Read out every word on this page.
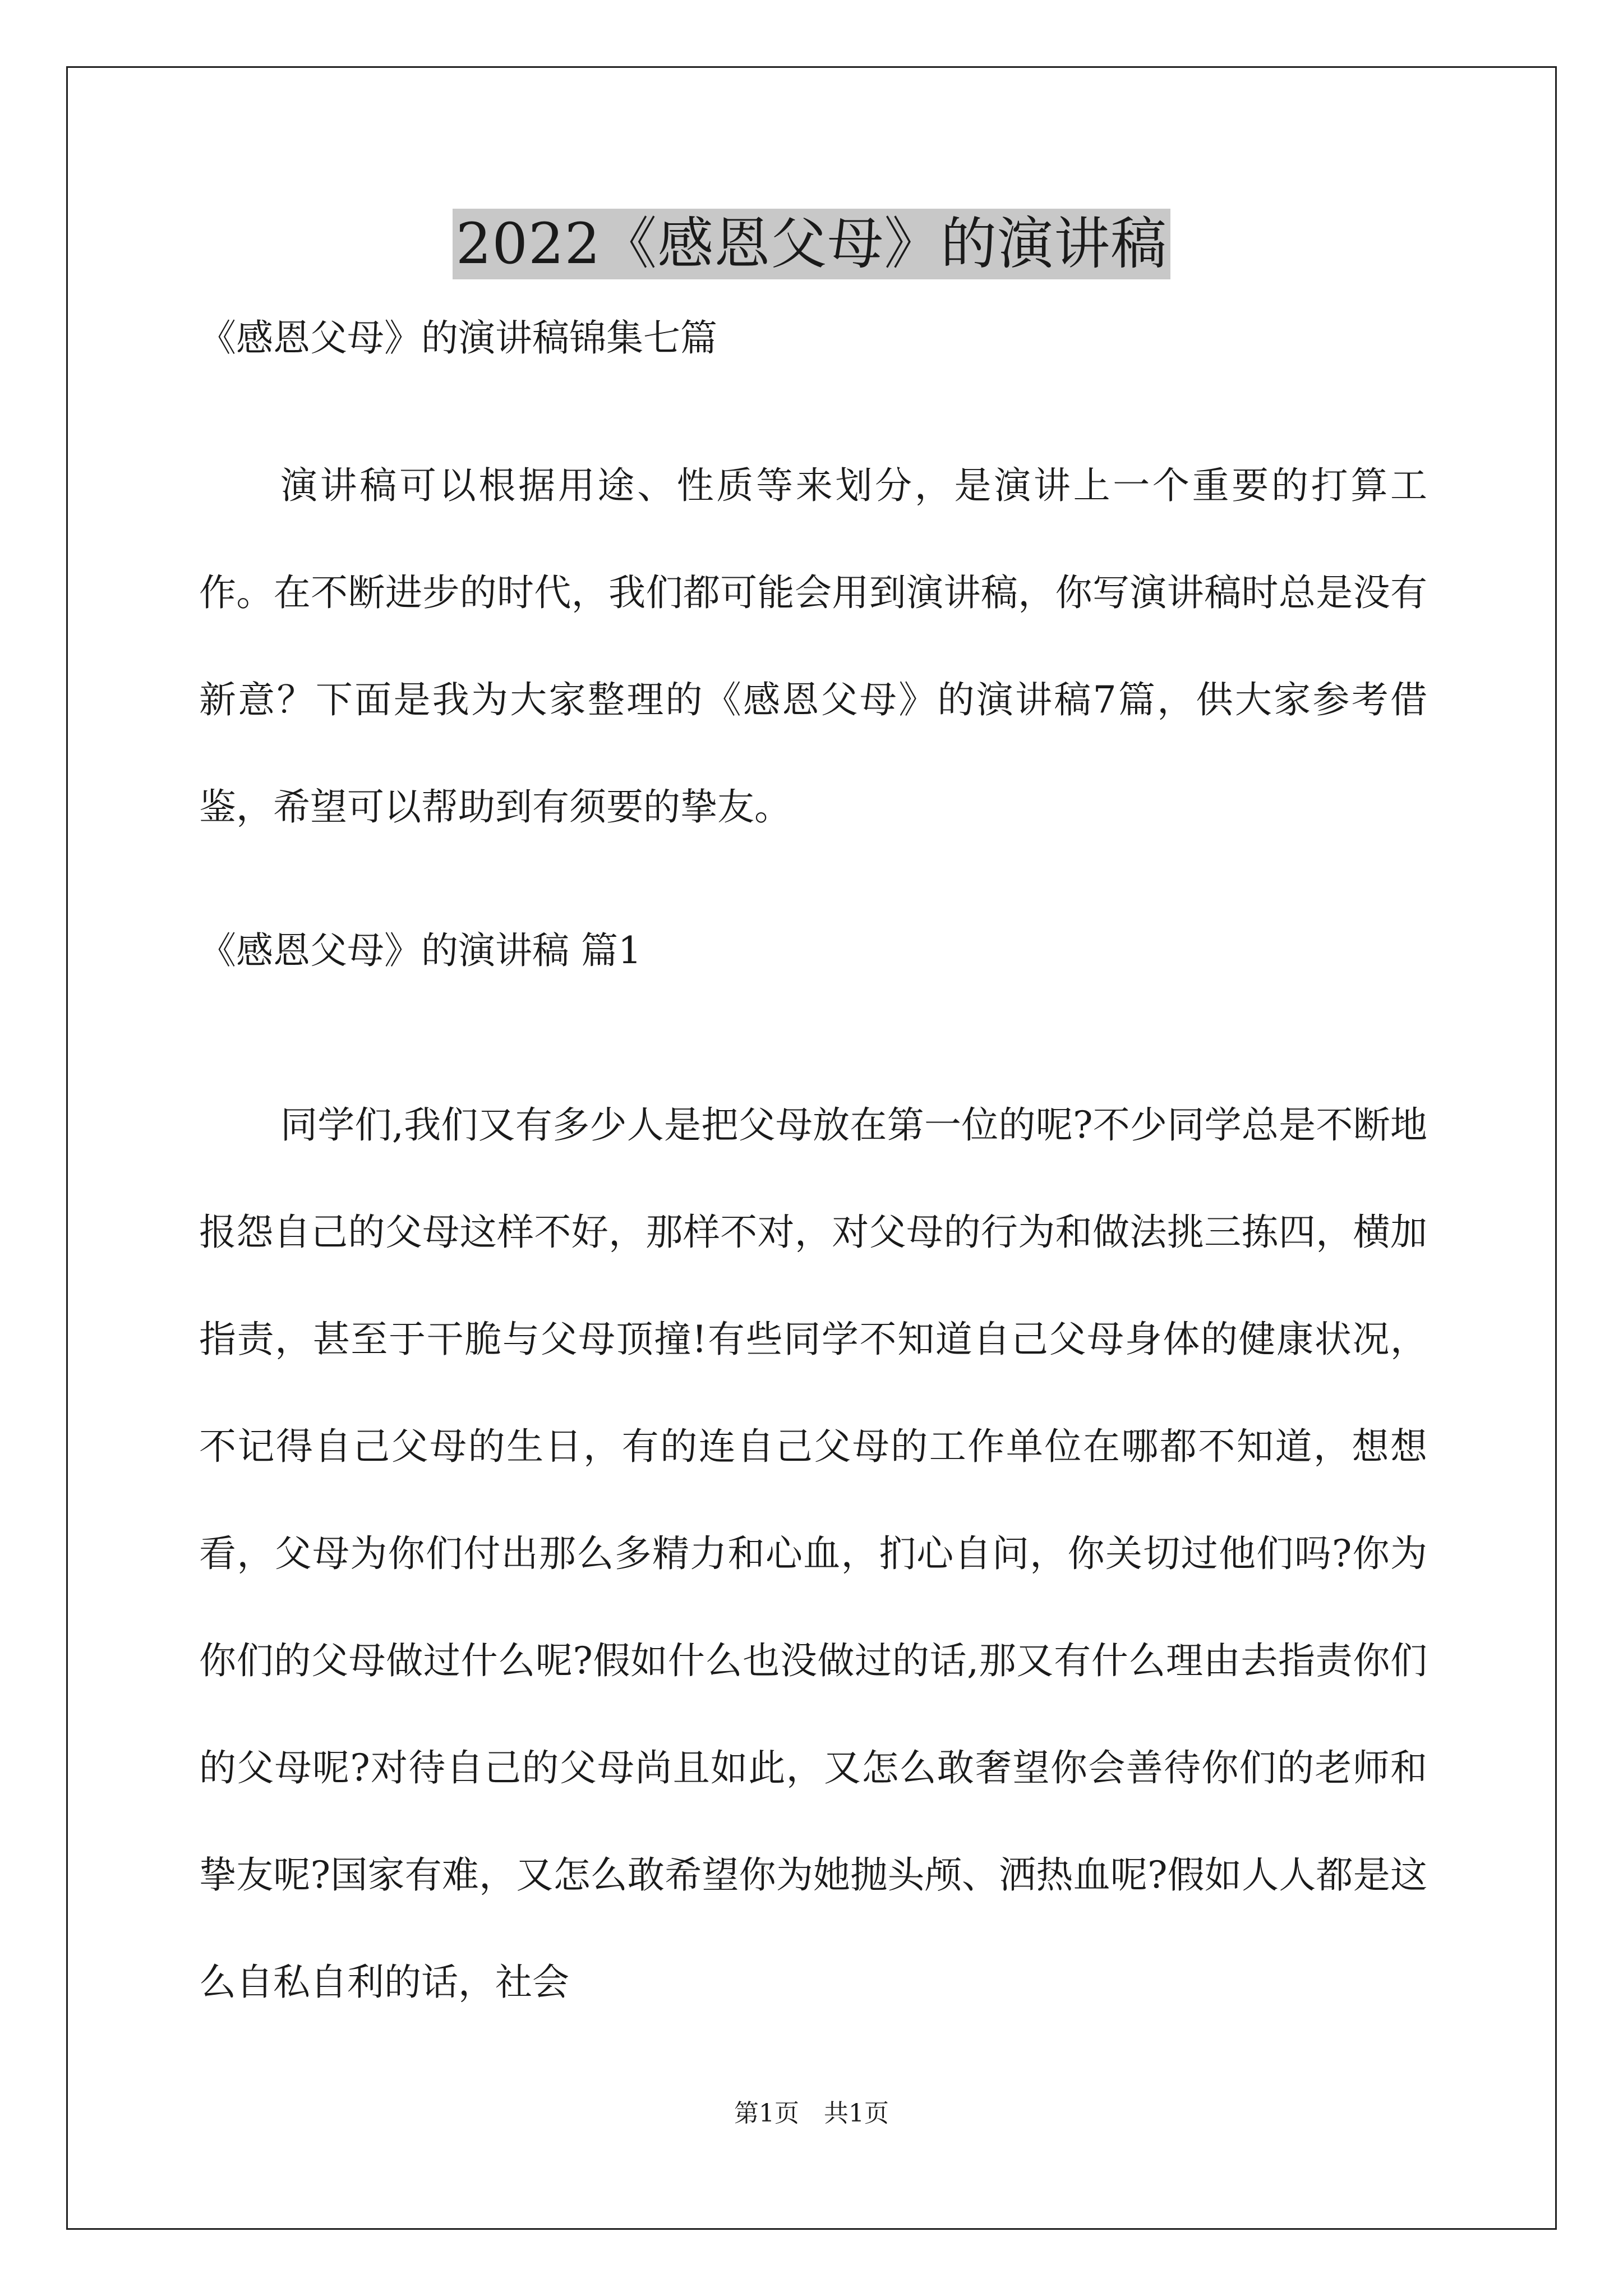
2022《感恩父母》的演讲稿
《感恩父母》的演讲稿锦集七篇

演讲稿可以根据用途、性质等来划分，是演讲上一个重要的打算工作。在不断进步的时代，我们都可能会用到演讲稿，你写演讲稿时总是没有新意？下面是我为大家整理的《感恩父母》的演讲稿7篇，供大家参考借鉴，希望可以帮助到有须要的挚友。

《感恩父母》的演讲稿 篇1

同学们,我们又有多少人是把父母放在第一位的呢?不少同学总是不断地报怨自己的父母这样不好，那样不对，对父母的行为和做法挑三拣四，横加指责，甚至于干脆与父母顶撞!有些同学不知道自己父母身体的健康状况，不记得自己父母的生日，有的连自己父母的工作单位在哪都不知道，想想看，父母为你们付出那么多精力和心血，扪心自问，你关切过他们吗?你为你们的父母做过什么呢?假如什么也没做过的话,那又有什么理由去指责你们的父母呢?对待自己的父母尚且如此，又怎么敢奢望你会善待你们的老师和挚友呢?国家有难，又怎么敢希望你为她抛头颅、洒热血呢?假如人人都是这么自私自利的话，社会

第1页　共1页
